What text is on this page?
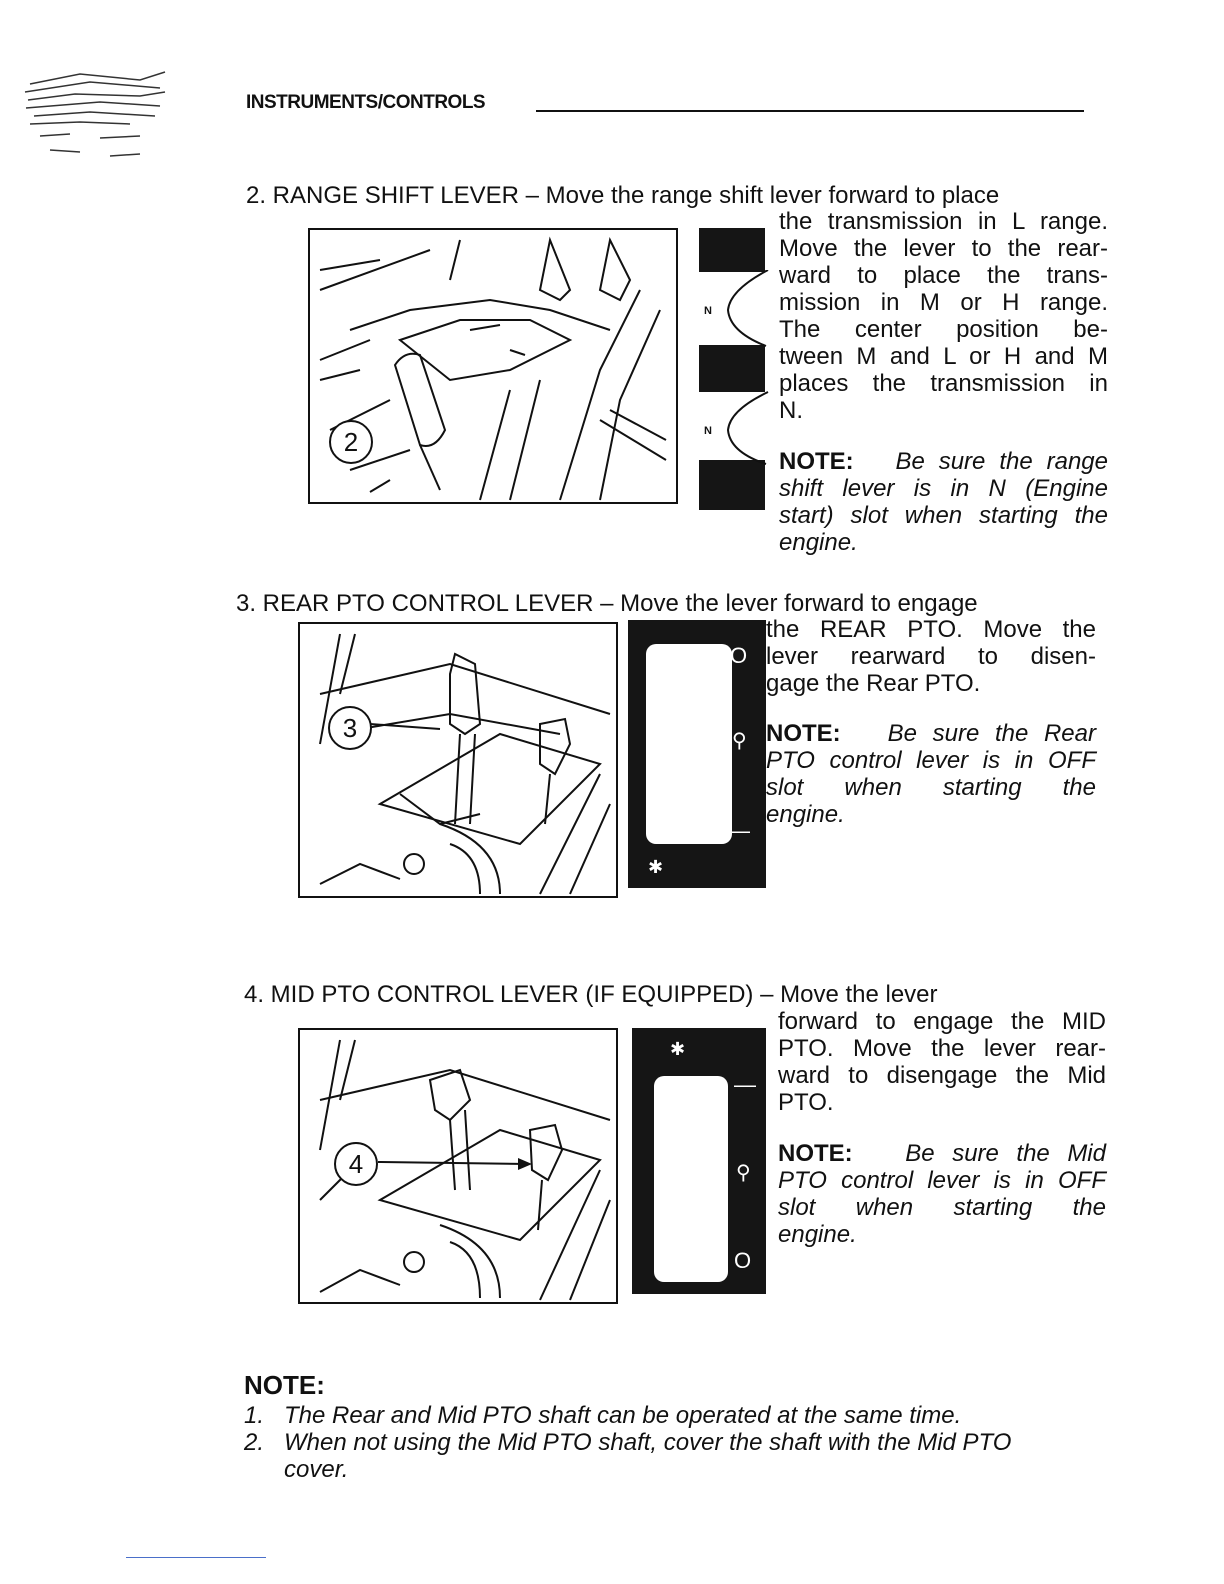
INSTRUMENTS/CONTROLS
2. RANGE SHIFT LEVER – Move the range shift lever forward to place
2
N
N
the transmission in L range.
Move the lever to the rear-
ward to place the trans-
mission in M or H range.
The center position be-
tween M and L or H and M
places the transmission in
N.
NOTE: Be sure the range
shift lever is in N (Engine
start) slot when starting the
engine.
3. REAR PTO CONTROL LEVER – Move the lever forward to engage
3
O
⚲
—
✱
the REAR PTO. Move the
lever rearward to disen-
gage the Rear PTO.
NOTE: Be sure the Rear
PTO control lever is in OFF
slot when starting the
engine.
4. MID PTO CONTROL LEVER (IF EQUIPPED) – Move the lever
4
✱
—
⚲
O
forward to engage the MID
PTO. Move the lever rear-
ward to disengage the Mid
PTO.
NOTE: Be sure the Mid
PTO control lever is in OFF
slot when starting the
engine.
NOTE:
1. The Rear and Mid PTO shaft can be operated at the same time.
2. When not using the Mid PTO shaft, cover the shaft with the Mid PTO
cover.
